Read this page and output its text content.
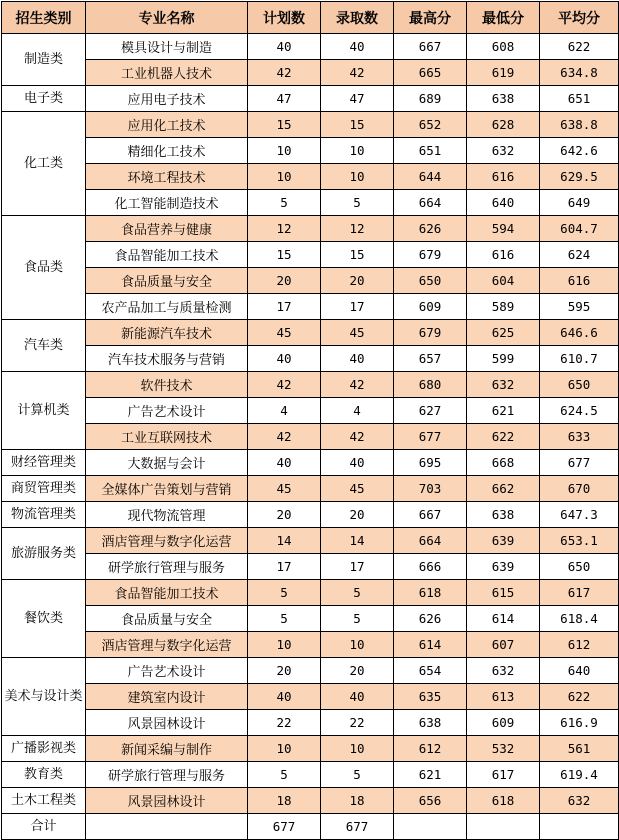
招生类别	专业名称	计划数	录取数	最高分	最低分	平均分
制造类	模具设计与制造	40	40	667	608	622
	工业机器人技术	42	42	665	619	634.8
电子类	应用电子技术	47	47	689	638	651
化工类	应用化工技术	15	15	652	628	638.8
	精细化工技术	10	10	651	632	642.6
	环境工程技术	10	10	644	616	629.5
	化工智能制造技术	5	5	664	640	649
食品类	食品营养与健康	12	12	626	594	604.7
	食品智能加工技术	15	15	679	616	624
	食品质量与安全	20	20	650	604	616
	农产品加工与质量检测	17	17	609	589	595
汽车类	新能源汽车技术	45	45	679	625	646.6
	汽车技术服务与营销	40	40	657	599	610.7
计算机类	软件技术	42	42	680	632	650
	广告艺术设计	4	4	627	621	624.5
	工业互联网技术	42	42	677	622	633
财经管理类	大数据与会计	40	40	695	668	677
商贸管理类	全媒体广告策划与营销	45	45	703	662	670
物流管理类	现代物流管理	20	20	667	638	647.3
旅游服务类	酒店管理与数字化运营	14	14	664	639	653.1
	研学旅行管理与服务	17	17	666	639	650
餐饮类	食品智能加工技术	5	5	618	615	617
	食品质量与安全	5	5	626	614	618.4
	酒店管理与数字化运营	10	10	614	607	612
美术与设计类	广告艺术设计	20	20	654	632	640
	建筑室内设计	40	40	635	613	622
	风景园林设计	22	22	638	609	616.9
广播影视类	新闻采编与制作	10	10	612	532	561
教育类	研学旅行管理与服务	5	5	621	617	619.4
土木工程类	风景园林设计	18	18	656	618	632
合计		677	677			
